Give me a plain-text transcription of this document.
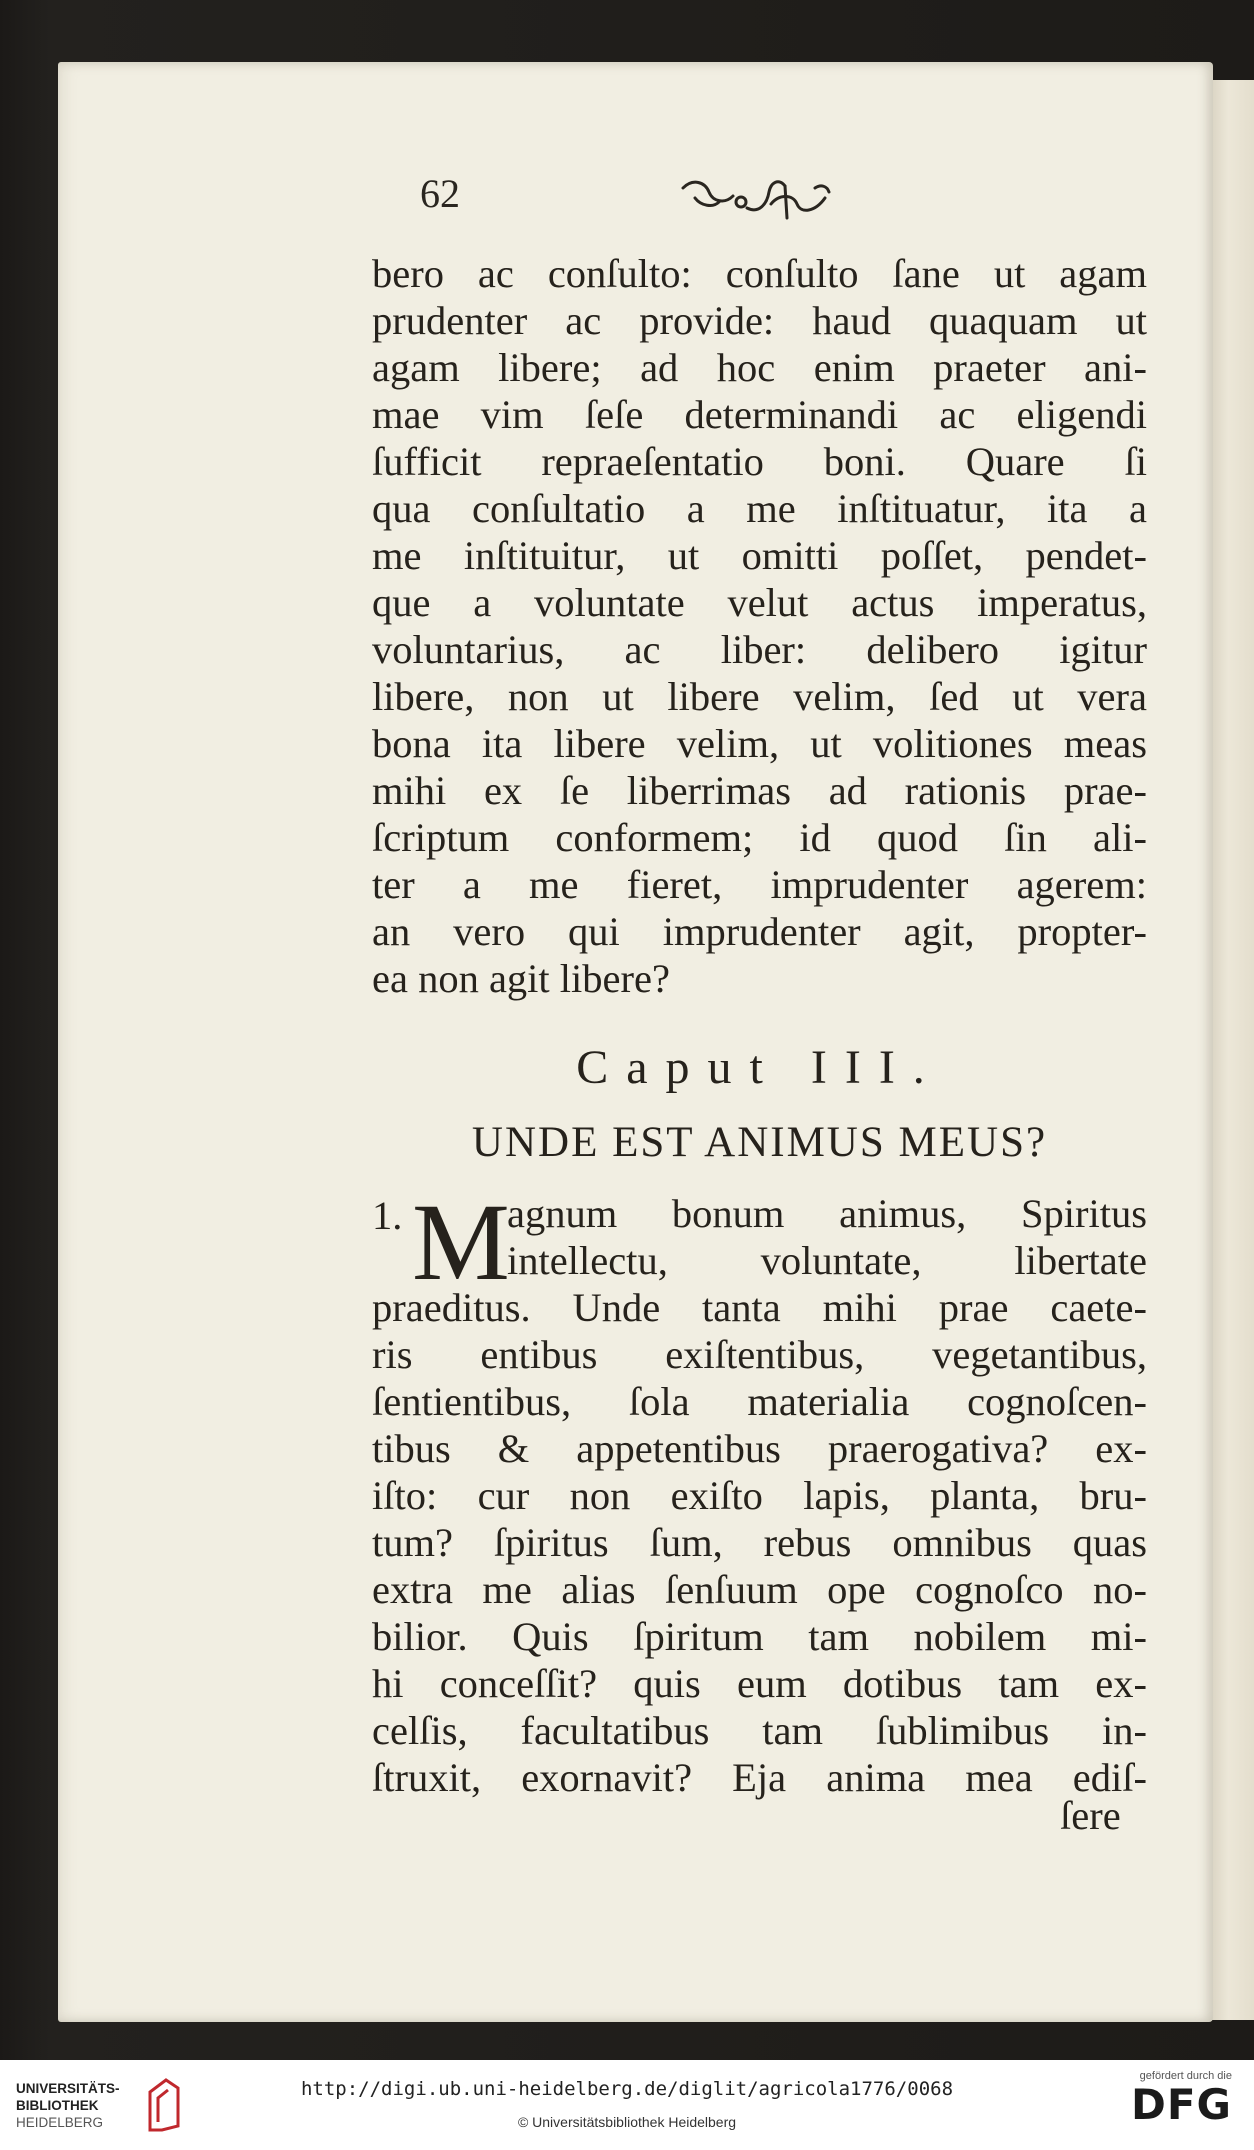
62
bero ac conſulto: conſulto ſane ut agam
prudenter ac provide: haud quaquam ut
agam libere; ad hoc enim praeter ani-
mae vim ſeſe determinandi ac eligendi
ſufficit repraeſentatio boni. Quare ſi
qua conſultatio a me inſtituatur, ita a
me inſtituitur, ut omitti poſſet, pendet-
que a voluntate velut actus imperatus,
voluntarius, ac liber: delibero igitur
libere, non ut libere velim, ſed ut vera
bona ita libere velim, ut volitiones meas
mihi ex ſe liberrimas ad rationis prae-
ſcriptum conformem; id quod ſin ali-
ter a me fieret, imprudenter agerem:
an vero qui imprudenter agit, propter-
ea non agit libere?
Caput III.
UNDE EST ANIMUS MEUS?
1. M
agnum bonum animus, Spiritus
intellectu, voluntate, libertate
praeditus. Unde tanta mihi prae caete-
ris entibus exiſtentibus, vegetantibus,
ſentientibus, ſola materialia cognoſcen-
tibus & appetentibus praerogativa? ex-
iſto: cur non exiſto lapis, planta, bru-
tum? ſpiritus ſum, rebus omnibus quas
extra me alias ſenſuum ope cognoſco no-
bilior. Quis ſpiritum tam nobilem mi-
hi conceſſit? quis eum dotibus tam ex-
celſis, facultatibus tam ſublimibus in-
ſtruxit, exornavit? Eja anima mea ediſ-
ſere
UNIVERSITÄTS-
BIBLIOTHEK
HEIDELBERG
http://digi.ub.uni-heidelberg.de/diglit/agricola1776/0068
© Universitätsbibliothek Heidelberg
gefördert durch die
DFG
